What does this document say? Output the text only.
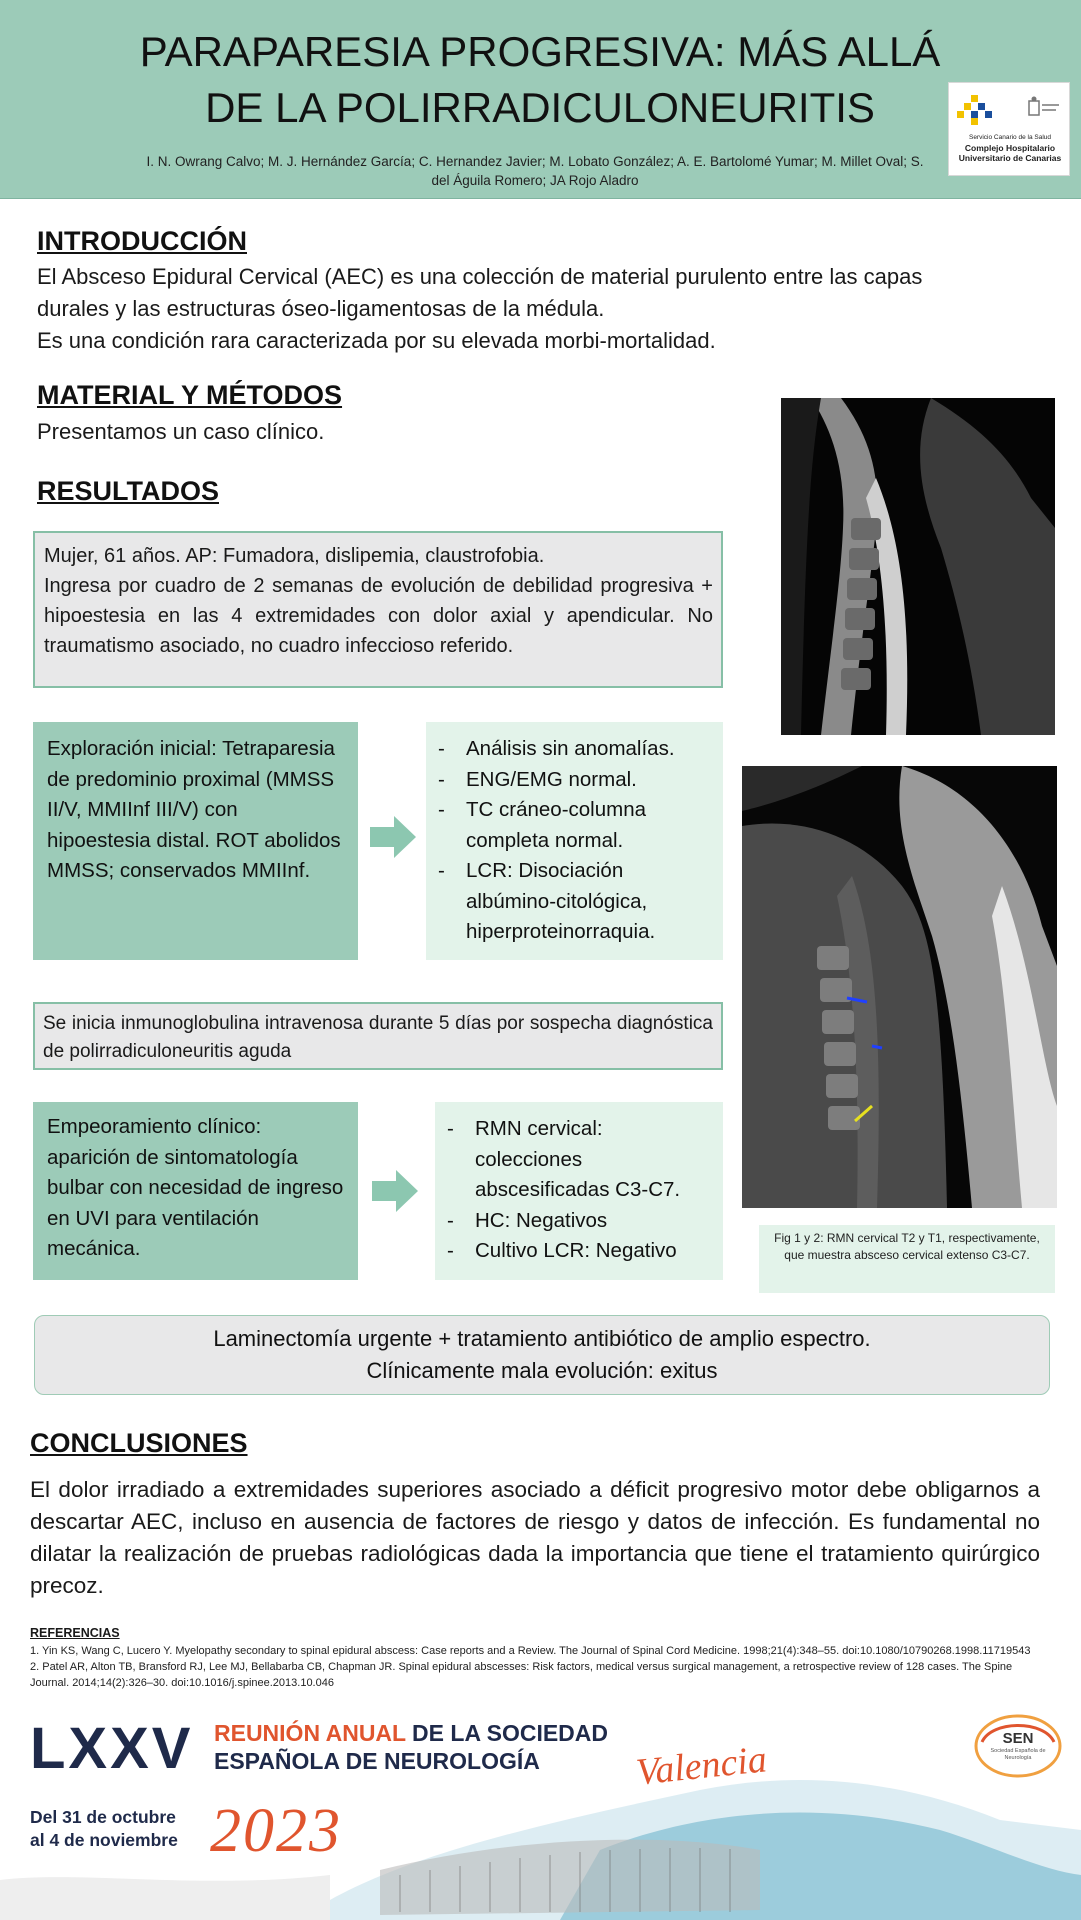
PARAPARESIA PROGRESIVA: MÁS ALLÁ
DE LA POLIRRADICULONEURITIS
I. N. Owrang Calvo; M. J. Hernández García; C. Hernandez Javier; M. Lobato González; A. E. Bartolomé Yumar; M. Millet Oval; S. del Águila Romero; JA Rojo Aladro
Servicio Canario de la Salud
Complejo Hospitalario
Universitario de Canarias
INTRODUCCIÓN
El Absceso Epidural Cervical (AEC) es una colección de material purulento entre las capas
durales y las estructuras óseo-ligamentosas de la médula.
Es una condición rara caracterizada por su elevada morbi-mortalidad.
MATERIAL Y MÉTODOS
Presentamos un caso clínico.
RESULTADOS

Mujer, 61 años. AP: Fumadora, dislipemia, claustrofobia.

Ingresa por cuadro de 2 semanas de evolución de debilidad progresiva + hipoestesia en las 4 extremidades con dolor axial y apendicular. No traumatismo asociado, no cuadro infeccioso referido.

Exploración inicial: Tetraparesia de predominio proximal (MMSS II/V, MMIInf III/V) con hipoestesia distal. ROT abolidos MMSS; conservados MMIInf.

- Análisis sin anomalías.
- ENG/EMG normal.
- TC cráneo-columna completa normal.
- LCR: Disociación albúmino-citológica, hiperproteinorraquia.

Se inicia inmunoglobulina intravenosa durante 5 días por sospecha diagnóstica de polirradiculoneuritis aguda

Empeoramiento clínico: aparición de sintomatología bulbar con necesidad de ingreso en UVI para ventilación mecánica.

- RMN cervical: colecciones abscesificadas C3-C7.
- HC: Negativos
- Cultivo LCR: Negativo

Laminectomía urgente + tratamiento antibiótico de amplio espectro.

Clínicamente mala evolución: exitus

Fig 1 y 2: RMN cervical T2 y T1, respectivamente, que muestra absceso cervical extenso C3-C7.
CONCLUSIONES
El dolor irradiado a extremidades superiores asociado a déficit progresivo motor debe obligarnos a descartar AEC, incluso en ausencia de factores de riesgo y datos de infección. Es fundamental no dilatar la realización de pruebas radiológicas dada la importancia que tiene el tratamiento quirúrgico precoz.
REFERENCIAS
1. Yin KS, Wang C, Lucero Y. Myelopathy secondary to spinal epidural abscess: Case reports and a Review. The Journal of Spinal Cord Medicine. 1998;21(4):348–55. doi:10.1080/10790268.1998.11719543
2. Patel AR, Alton TB, Bransford RJ, Lee MJ, Bellabarba CB, Chapman JR. Spinal epidural abscesses: Risk factors, medical versus surgical management, a retrospective review of 128 cases. The Spine Journal. 2014;14(2):326–30. doi:10.1016/j.spinee.2013.10.046
LXXV REUNIÓN ANUAL DE LA SOCIEDAD
ESPAÑOLA DE NEUROLOGÍA
Del 31 de octubre
al 4 de noviembre 2023
Valencia	SEN
Sociedad Española de Neurología
